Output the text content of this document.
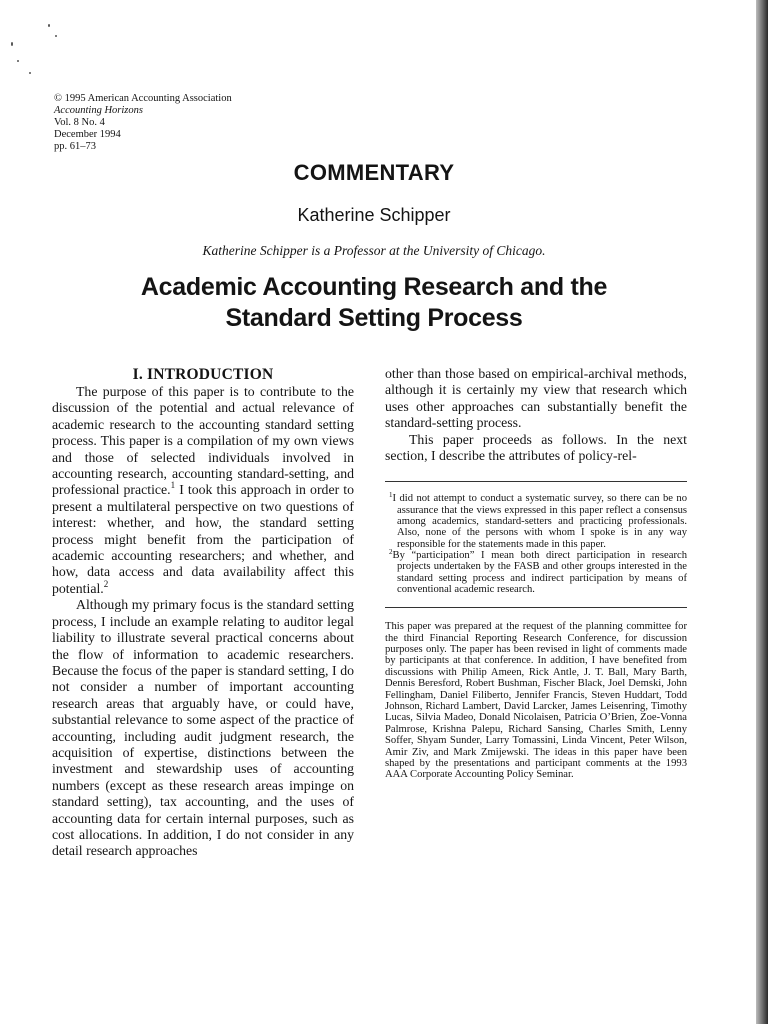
© 1995 American Accounting Association
Accounting Horizons
Vol. 8 No. 4
December 1994
pp. 61–73
COMMENTARY
Katherine Schipper
Katherine Schipper is a Professor at the University of Chicago.
Academic Accounting Research and the
Standard Setting Process
I. INTRODUCTION

The purpose of this paper is to contribute to the discussion of the potential and actual relevance of academic research to the accounting standard setting process. This paper is a compilation of my own views and those of selected individuals involved in accounting research, accounting standard-setting, and professional practice.$^1$ I took this approach in order to present a multilateral perspective on two questions of interest: whether, and how, the standard setting process might benefit from the participation of academic accounting researchers; and whether, and how, data access and data availability affect this potential.$^2$

Although my primary focus is the standard setting process, I include an example relating to auditor legal liability to illustrate several practical concerns about the flow of information to academic researchers. Because the focus of the paper is standard setting, I do not consider a number of important accounting research areas that arguably have, or could have, substantial relevance to some aspect of the practice of accounting, including audit judgment research, the acquisition of expertise, distinctions between the investment and stewardship uses of accounting numbers (except as these research areas impinge on standard setting), tax accounting, and the uses of accounting data for certain internal purposes, such as cost allocations. In addition, I do not consider in any detail research approaches

other than those based on empirical-archival methods, although it is certainly my view that research which uses other approaches can substantially benefit the standard-setting process.

This paper proceeds as follows. In the next section, I describe the attributes of policy-rel-

$^1$I did not attempt to conduct a systematic survey, so there can be no assurance that the views expressed in this paper reflect a consensus among academics, standard-setters and practicing professionals. Also, none of the persons with whom I spoke is in any way responsible for the statements made in this paper.

$^2$By “participation” I mean both direct participation in research projects undertaken by the FASB and other groups interested in the standard setting process and indirect participation by means of conventional academic research.

This paper was prepared at the request of the planning committee for the third Financial Reporting Research Conference, for discussion purposes only. The paper has been revised in light of comments made by participants at that conference. In addition, I have benefited from discussions with Philip Ameen, Rick Antle, J. T. Ball, Mary Barth, Dennis Beresford, Robert Bushman, Fischer Black, Joel Demski, John Fellingham, Daniel Filiberto, Jennifer Francis, Steven Huddart, Todd Johnson, Richard Lambert, David Larcker, James Leisenring, Timothy Lucas, Silvia Madeo, Donald Nicolaisen, Patricia O’Brien, Zoe-Vonna Palmrose, Krishna Palepu, Richard Sansing, Charles Smith, Lenny Soffer, Shyam Sunder, Larry Tomassini, Linda Vincent, Peter Wilson, Amir Ziv, and Mark Zmijewski. The ideas in this paper have been shaped by the presentations and participant comments at the 1993 AAA Corporate Accounting Policy Seminar.
